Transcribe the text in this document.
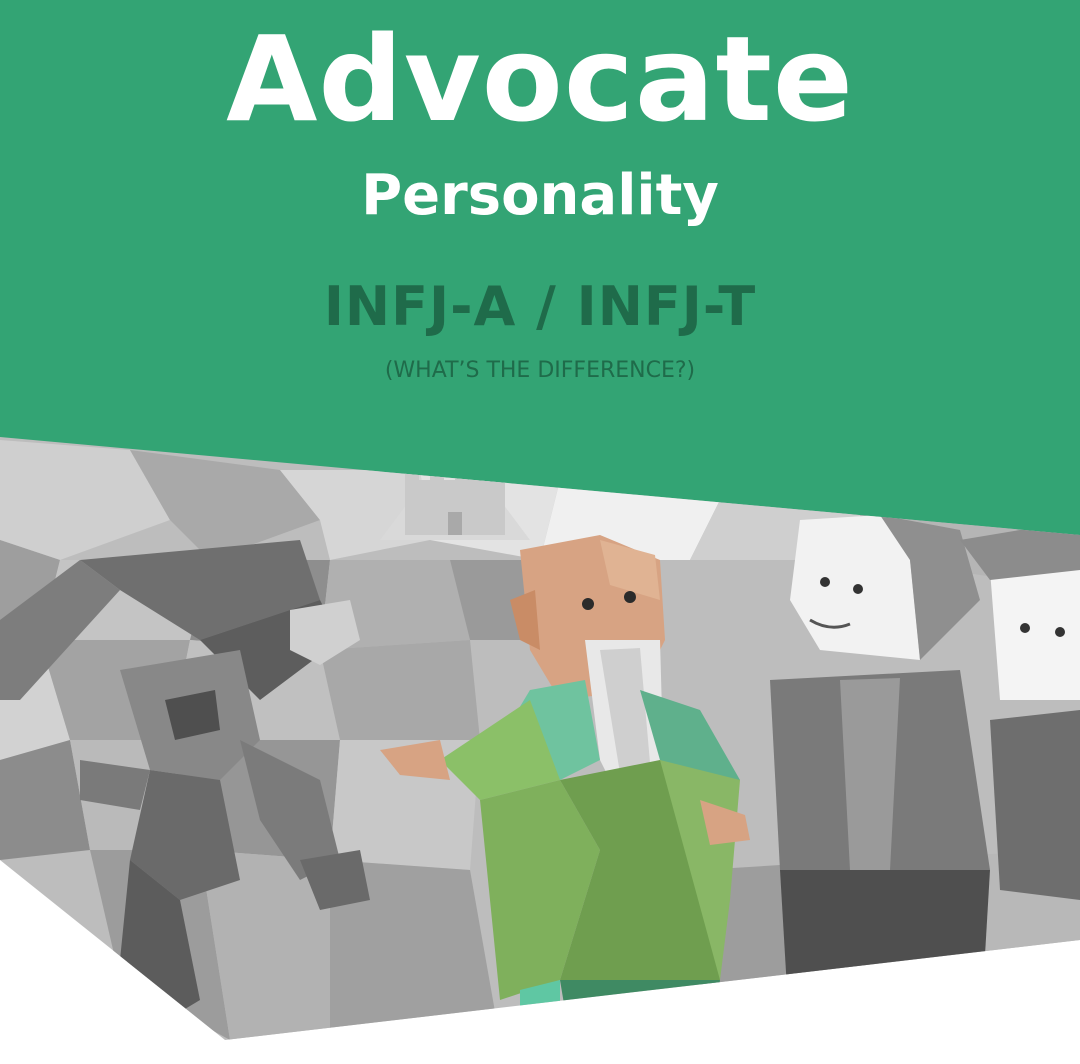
Advocate
Personality
INFJ-A / INFJ-T
(WHAT’S THE DIFFERENCE?)
